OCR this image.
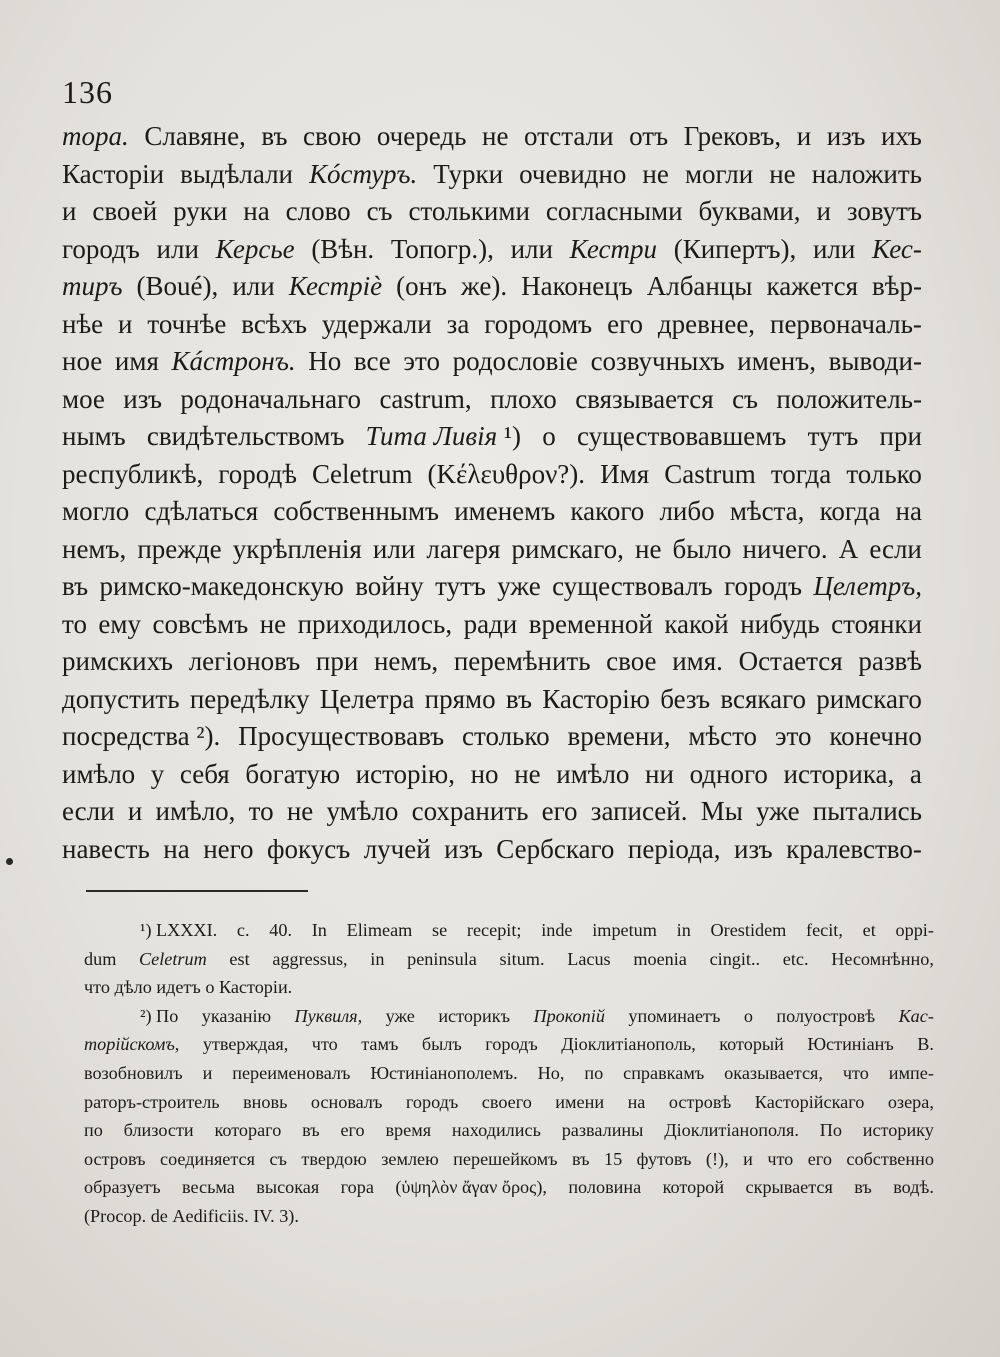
136
тора. Славяне, въ свою очередь не отстали отъ Грековъ, и изъ ихъ
Касторіи выдѣлали Кóстуръ. Турки очевидно не могли не наложить
и своей руки на слово съ столькими согласными буквами, и зовутъ
городъ или Керсье (Вѣн. Топогр.), или Кестри (Кипертъ), или Кес-
тиръ (Boué), или Кестріè (онъ же). Наконецъ Албанцы кажется вѣр-
нѣе и точнѣе всѣхъ удержали за городомъ его древнее, первоначаль-
ное имя Кáстронъ. Но все это родословіе созвучныхъ именъ, выводи-
мое изъ родоначальнаго castrum, плохо связывается съ положитель-
нымъ свидѣтельствомъ Тита Ливія ¹) о существовавшемъ тутъ при
республикѣ, городѣ Celetrum (Κέλευθρον?). Имя Castrum тогда только
могло сдѣлаться собственнымъ именемъ какого либо мѣста, когда на
немъ, прежде укрѣпленія или лагеря римскаго, не было ничего. А если
въ римско-македонскую войну тутъ уже существовалъ городъ Целетръ,
то ему совсѣмъ не приходилось, ради временной какой нибудь стоянки
римскихъ легіоновъ при немъ, перемѣнить свое имя. Остается развѣ
допустить передѣлку Целетра прямо въ Касторію безъ всякаго римскаго
посредства ²). Просуществовавъ столько времени, мѣсто это конечно
имѣло у себя богатую исторію, но не имѣло ни одного историка, а
если и имѣло, то не умѣло сохранить его записей. Мы уже пытались
навесть на него фокусъ лучей изъ Сербскаго періода, изъ кралевство-
¹) LXXXI. c. 40. In Elimeam se recepit; inde impetum in Orestidem fecit, et oppi-
dum Celetrum est aggressus, in peninsula situm. Lacus moenia cingit.. etc. Несомнѣнно,
что
дѣло
идетъ
о
Касторіи.
²) По указанію Пуквиля, уже историкъ Прокопій упоминаетъ о полуостровѣ Кас-
торійскомъ, утверждая, что тамъ былъ городъ Діоклитіанополь, который Юстиніанъ В.
возобновилъ и переименовалъ Юстиніанополемъ. Но, по справкамъ оказывается, что импе-
раторъ-строитель вновь основалъ городъ своего имени на островѣ Касторійскаго озера,
по близости котораго въ его время находились развалины Діоклитіанополя. По историку
островъ соединяется съ твердою землею перешейкомъ въ 15 футовъ (!), и что его собственно
образуетъ весьма высокая гора (ὑψηλὸν ἄγαν ὄρος), половина которой скрывается въ водѣ.
(Procop.
de
Aedificiis.
IV.
3).
